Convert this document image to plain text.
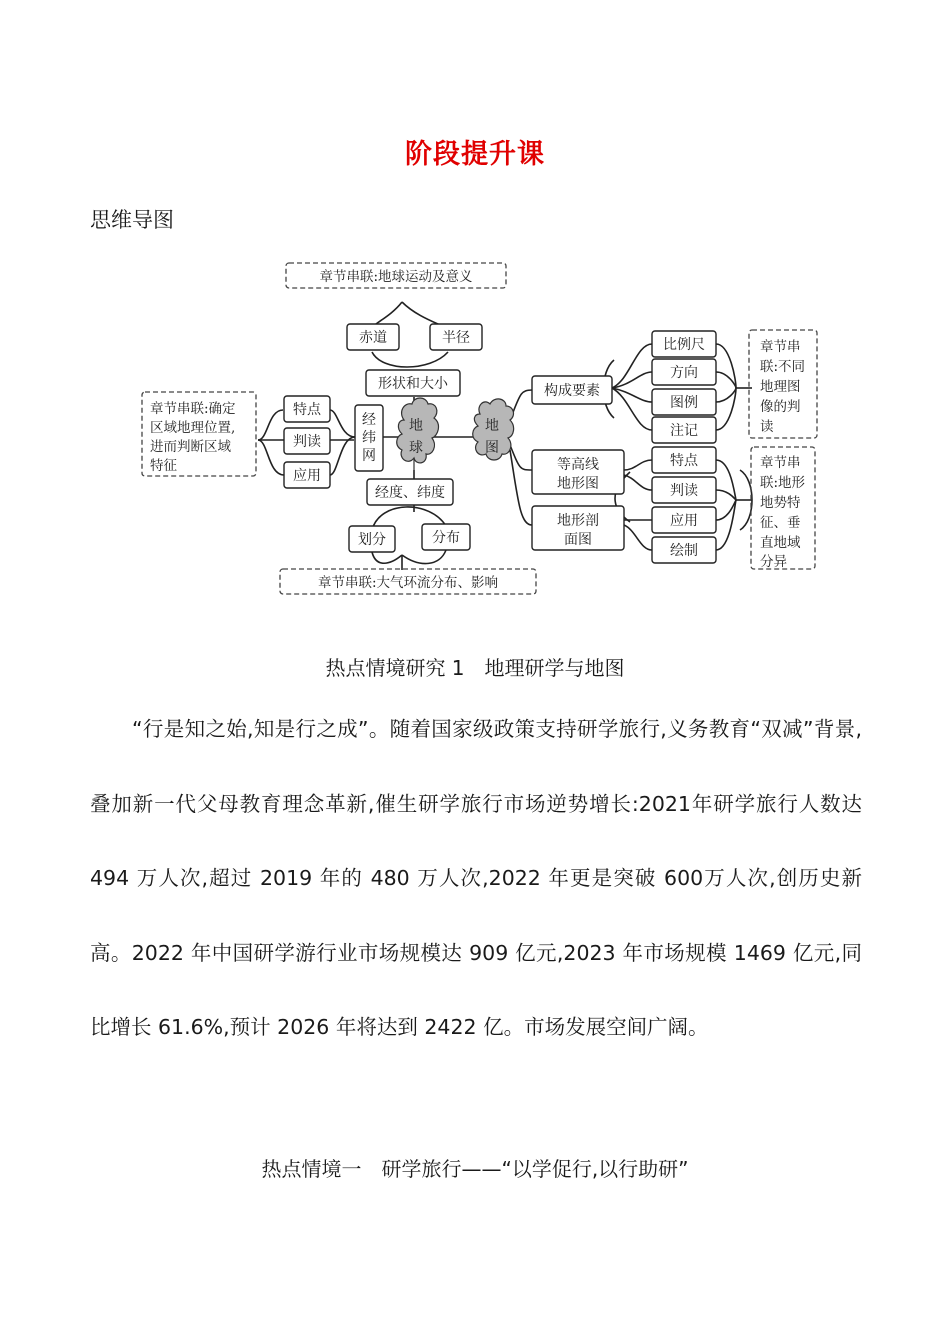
阶段提升课
思维导图
章节串联:地球运动及意义
章节串联:大气环流分布、影响
章节串联:确定
区域地理位置,
进而判断区域
特征
章节串
联:不同
地理图
像的判
读
章节串
联:地形
地势特
征、垂
直地域
分异
赤道	半径
形状和大小
特点
判读
应用
经
纬
网
地
球
地
图
经度、纬度
划分	分布
构成要素
等高线
地形图
地形剖
面图
比例尺
方向
图例
注记
特点
判读
应用
绘制
热点情境研究 1　地理研学与地图
“行是知之始,知是行之成”。随着国家级政策支持研学旅行,义务教育“双减”背景,叠加新一代父母教育理念革新,催生研学旅行市场逆势增长:2021年研学旅行人数达 494 万人次,超过 2019 年的 480 万人次,2022 年更是突破 600万人次,创历史新高。2022 年中国研学游行业市场规模达 909 亿元,2023 年市场规模 1469 亿元,同比增长 61.6%,预计 2026 年将达到 2422 亿。市场发展空间广阔。
热点情境一　研学旅行——“以学促行,以行助研”
